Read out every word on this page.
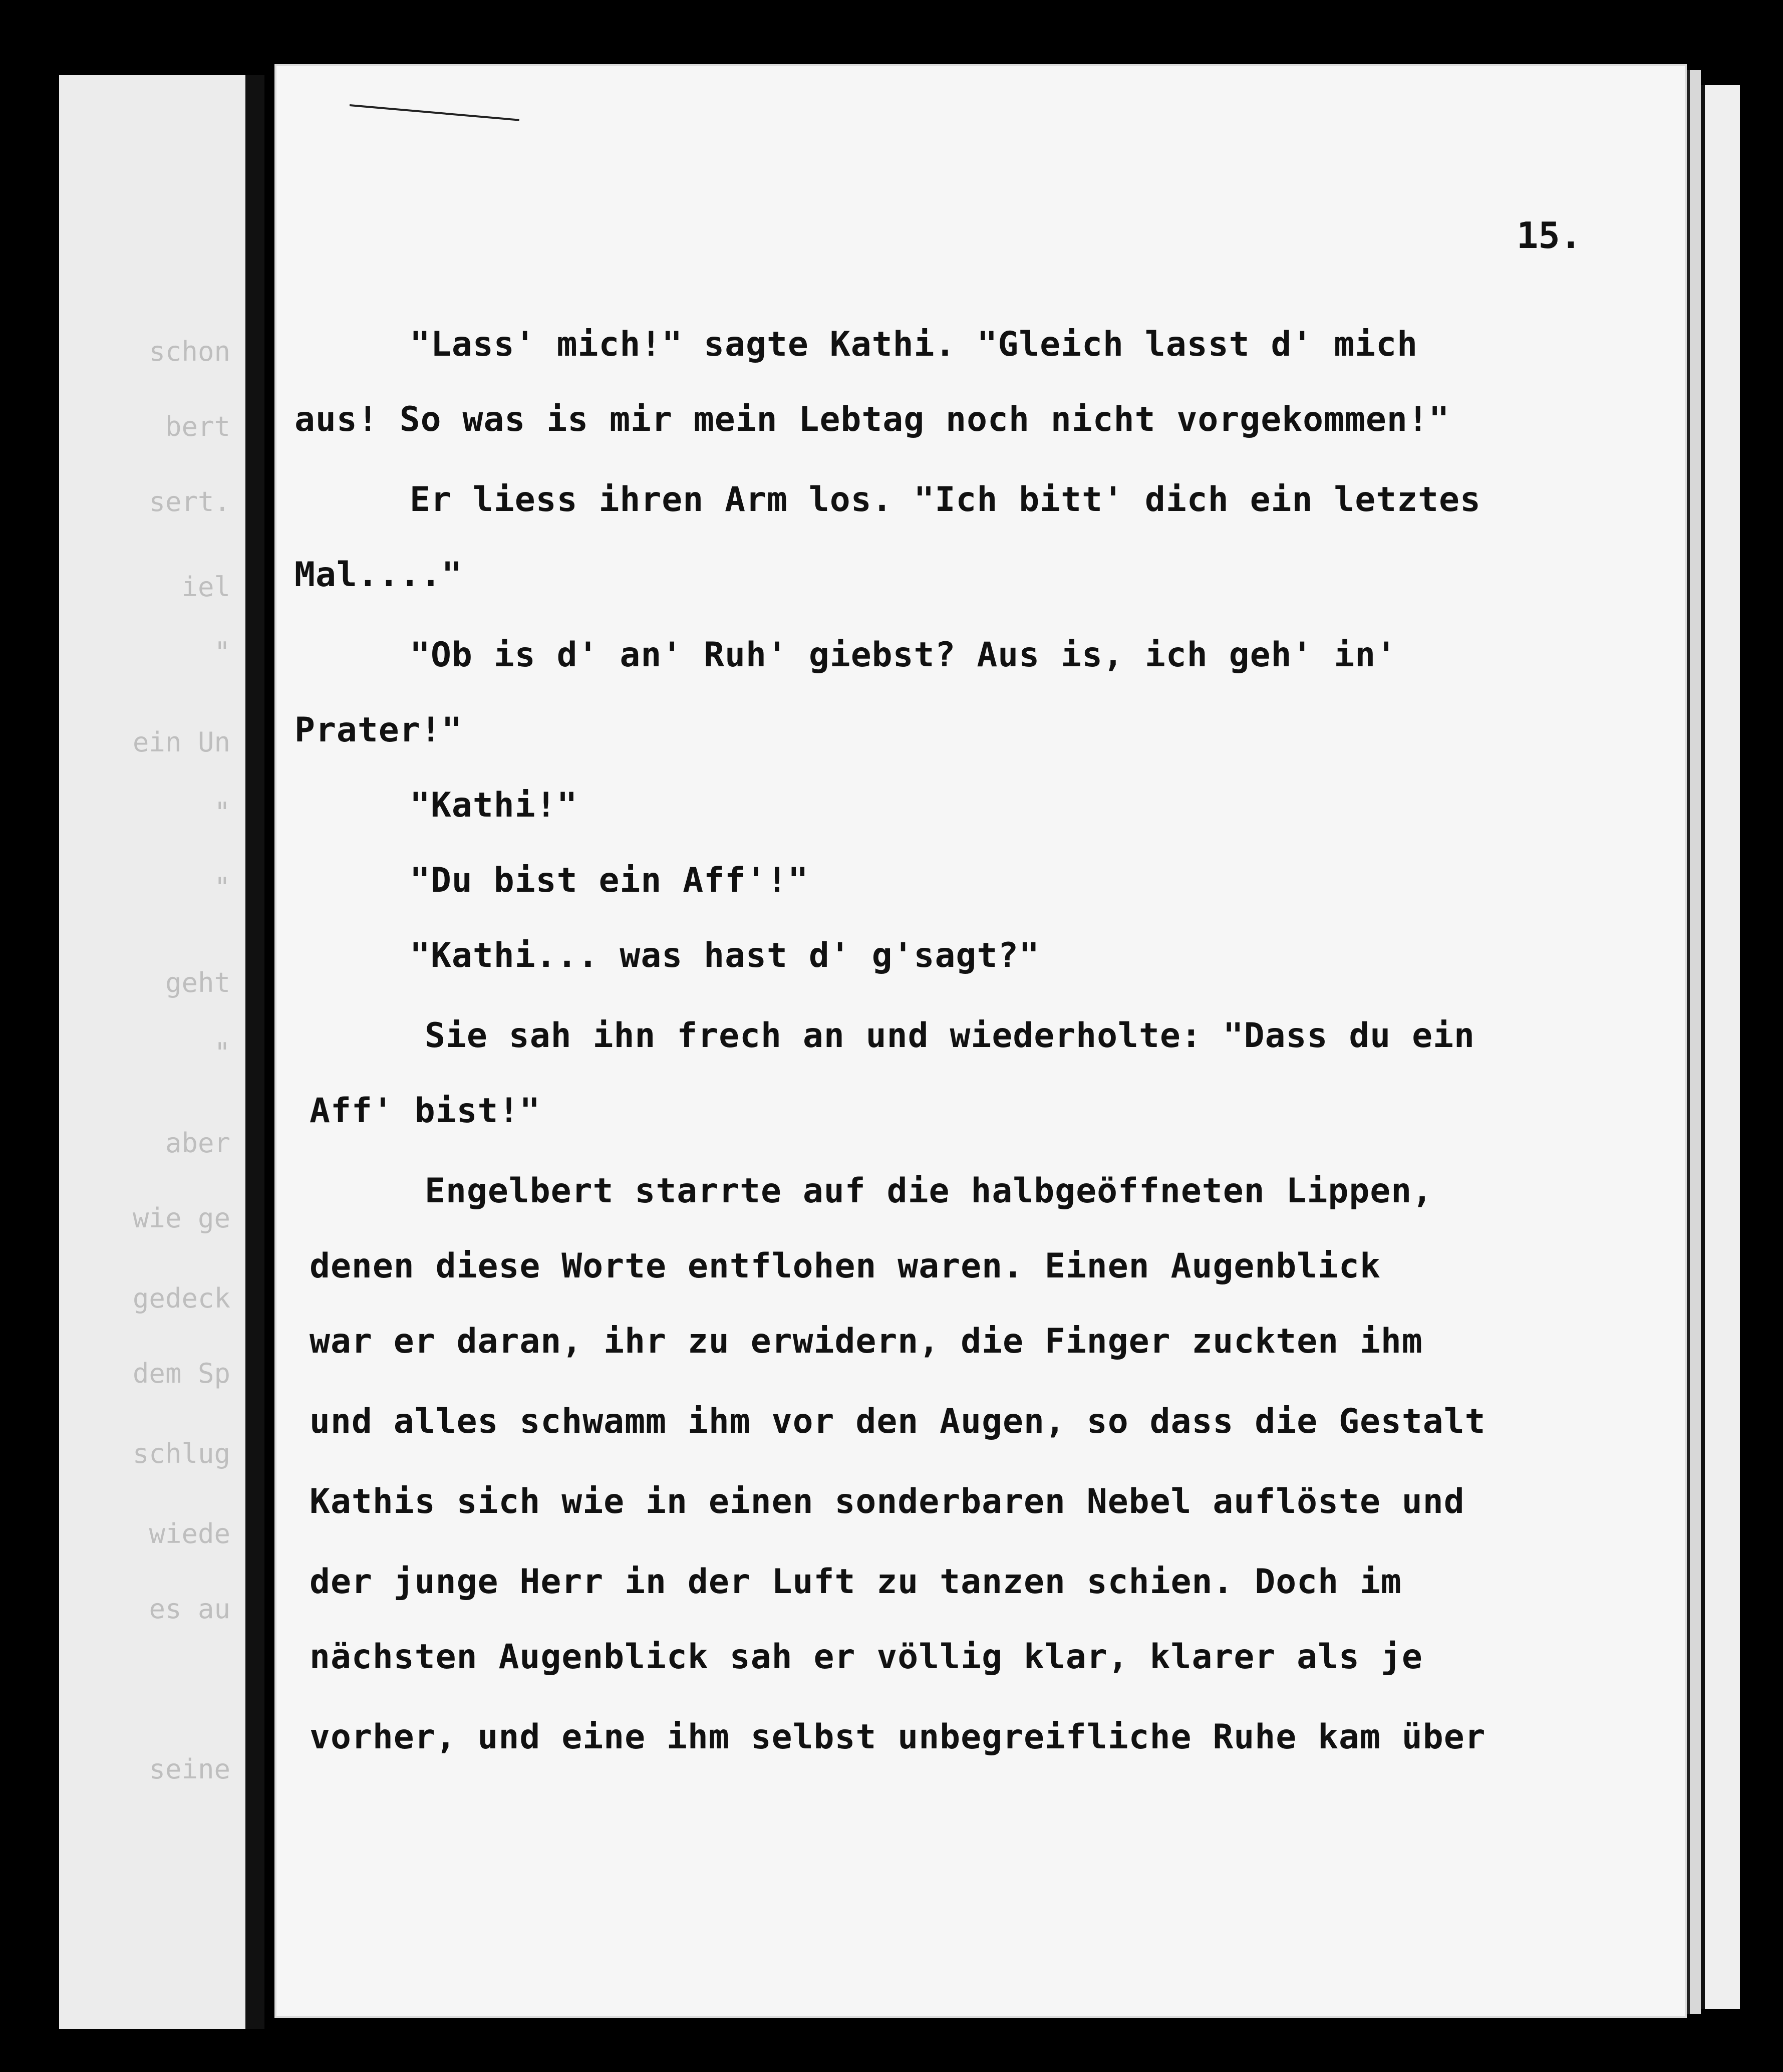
schon
bert
sert.
iel
"
ein Un
"
"
geht
"
aber
wie ge
gedeck
dem Sp
schlug
wiede
es au
seine
15.
"Lass' mich!" sagte Kathi. "Gleich lasst d' mich
aus! So was is mir mein Lebtag noch nicht vorgekommen!"
Er liess ihren Arm los. "Ich bitt' dich ein letztes
Mal...."
"Ob is d' an' Ruh' giebst? Aus is, ich geh' in'
Prater!"
"Kathi!"
"Du bist ein Aff'!"
"Kathi... was hast d' g'sagt?"
Sie sah ihn frech an und wiederholte: "Dass du ein
Aff' bist!"
Engelbert starrte auf die halbgeöffneten Lippen,
denen diese Worte entflohen waren. Einen Augenblick
war er daran, ihr zu erwidern, die Finger zuckten ihm
und alles schwamm ihm vor den Augen, so dass die Gestalt
Kathis sich wie in einen sonderbaren Nebel auflöste und
der junge Herr in der Luft zu tanzen schien. Doch im
nächsten Augenblick sah er völlig klar, klarer als je
vorher, und eine ihm selbst unbegreifliche Ruhe kam über
